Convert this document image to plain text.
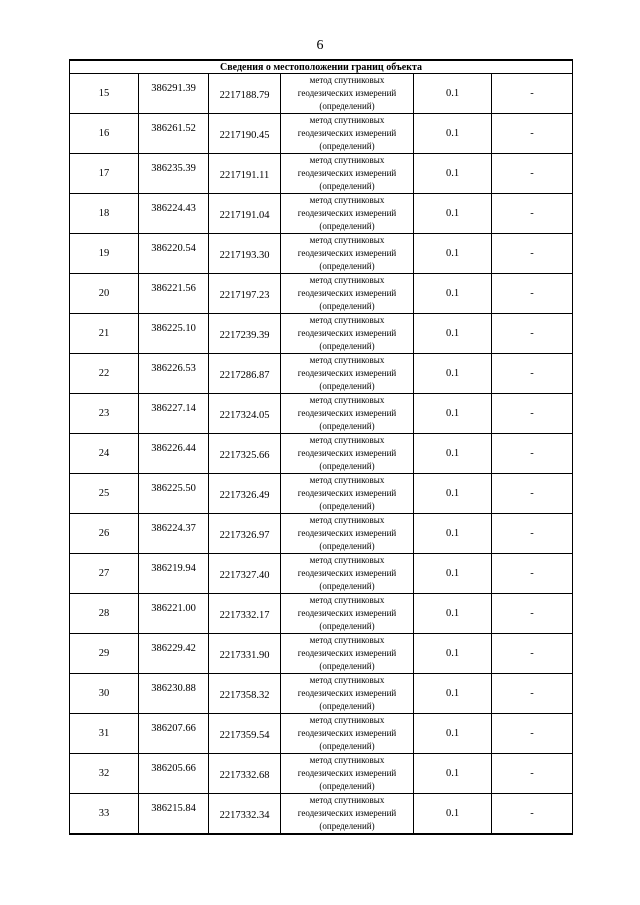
6
Сведения о местоположении границ объекта					
15	386291.39	2217188.79	метод спутниковых
геодезических измерений
(определений)	0.1	-

16	386261.52	2217190.45	метод спутниковых
геодезических измерений
(определений)	0.1	-

17	386235.39	2217191.11	метод спутниковых
геодезических измерений
(определений)	0.1	-

18	386224.43	2217191.04	метод спутниковых
геодезических измерений
(определений)	0.1	-

19	386220.54	2217193.30	метод спутниковых
геодезических измерений
(определений)	0.1	-

20	386221.56	2217197.23	метод спутниковых
геодезических измерений
(определений)	0.1	-

21	386225.10	2217239.39	метод спутниковых
геодезических измерений
(определений)	0.1	-

22	386226.53	2217286.87	метод спутниковых
геодезических измерений
(определений)	0.1	-

23	386227.14	2217324.05	метод спутниковых
геодезических измерений
(определений)	0.1	-

24	386226.44	2217325.66	метод спутниковых
геодезических измерений
(определений)	0.1	-

25	386225.50	2217326.49	метод спутниковых
геодезических измерений
(определений)	0.1	-

26	386224.37	2217326.97	метод спутниковых
геодезических измерений
(определений)	0.1	-

27	386219.94	2217327.40	метод спутниковых
геодезических измерений
(определений)	0.1	-

28	386221.00	2217332.17	метод спутниковых
геодезических измерений
(определений)	0.1	-

29	386229.42	2217331.90	метод спутниковых
геодезических измерений
(определений)	0.1	-

30	386230.88	2217358.32	метод спутниковых
геодезических измерений
(определений)	0.1	-

31	386207.66	2217359.54	метод спутниковых
геодезических измерений
(определений)	0.1	-

32	386205.66	2217332.68	метод спутниковых
геодезических измерений
(определений)	0.1	-

33	386215.84	2217332.34	метод спутниковых
геодезических измерений
(определений)	0.1	-
